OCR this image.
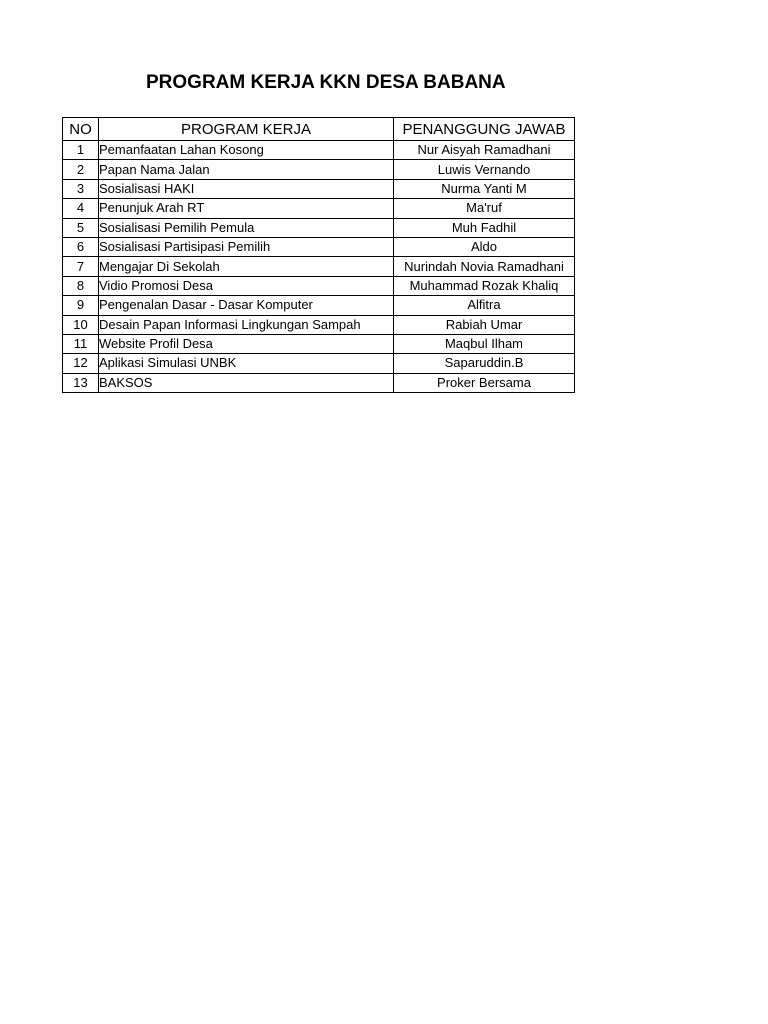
PROGRAM KERJA KKN DESA BABANA
NO	PROGRAM KERJA	PENANGGUNG JAWAB
1	Pemanfaatan Lahan Kosong	Nur Aisyah Ramadhani
2	Papan Nama Jalan	Luwis Vernando
3	Sosialisasi HAKI	Nurma Yanti M
4	Penunjuk Arah RT	Ma'ruf
5	Sosialisasi Pemilih Pemula	Muh Fadhil
6	Sosialisasi Partisipasi Pemilih	Aldo
7	Mengajar Di Sekolah	Nurindah Novia Ramadhani
8	Vidio Promosi Desa	Muhammad Rozak Khaliq
9	Pengenalan Dasar - Dasar Komputer	Alfitra
10	Desain Papan Informasi Lingkungan Sampah	Rabiah Umar
11	Website Profil Desa	Maqbul Ilham
12	Aplikasi Simulasi UNBK	Saparuddin.B
13	BAKSOS	Proker Bersama
